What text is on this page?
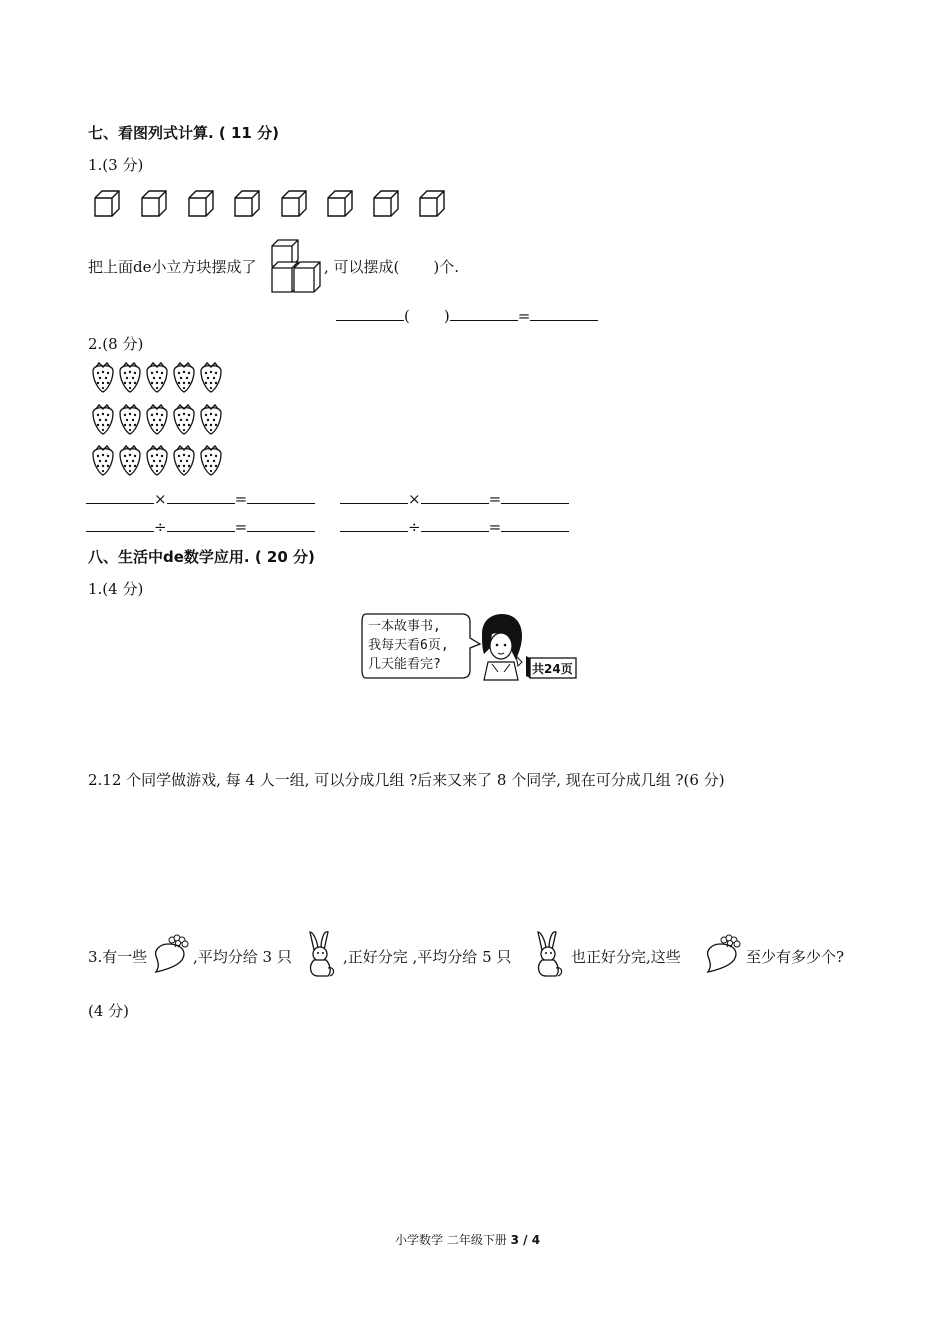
七、看图列式计算. ( 11 分)
1.(3 分)
把上面de小立方块摆成了	, 可以摆成( )个.
( )	=
2.(8 分)
×	=	×	=
÷	=	÷	=
八、生活中de数学应用. ( 20 分)
1.(4 分)
一本故事书,
我每天看6页,
几天能看完?	共24页
2.12 个同学做游戏, 每 4 人一组, 可以分成几组 ?后来又来了 8 个同学, 现在可分成几组 ?(6 分)
3.有一些	,平均分给 3 只	,正好分完 ,平均分给 5 只	也正好分完,这些	至少有多少个?
(4 分)
小学数学 二年级下册 3 / 4
